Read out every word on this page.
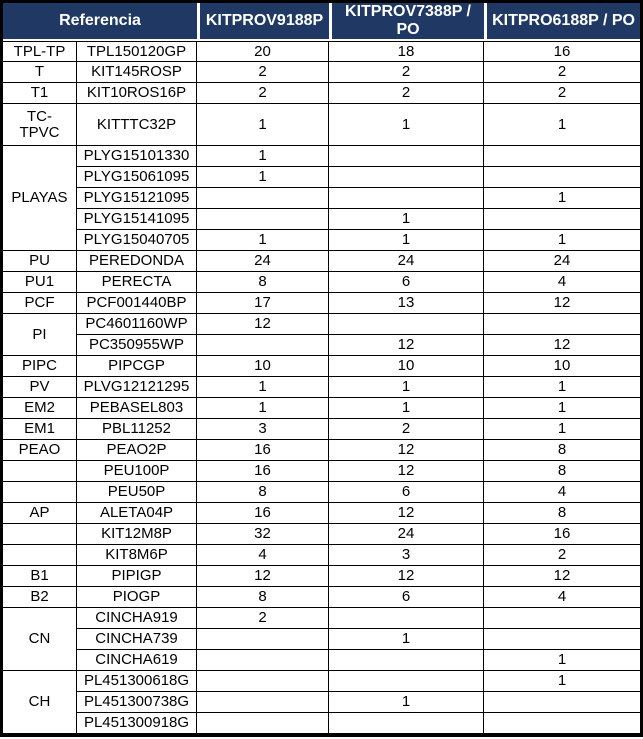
Referencia		KITPROV9188P	KITPROV7388P / PO	KITPRO6188P / PO
TPL-TP	TPL150120GP	20	18	16
T	KIT145ROSP	2	2	2
T1	KIT10ROS16P	2	2	2
TC-TPVC	KITTTC32P	1	1	1
PLAYAS	PLYG15101330	1		
	PLYG15061095	1		
	PLYG15121095			1
	PLYG15141095		1	
	PLYG15040705	1	1	1
PU	PEREDONDA	24	24	24
PU1	PERECTA	8	6	4
PCF	PCF001440BP	17	13	12
PI	PC4601160WP	12		
	PC350955WP		12	12
PIPC	PIPCGP	10	10	10
PV	PLVG12121295	1	1	1
EM2	PEBASEL803	1	1	1
EM1	PBL11252	3	2	1
PEAO	PEAO2P	16	12	8
	PEU100P	16	12	8
	PEU50P	8	6	4
AP	ALETA04P	16	12	8
	KIT12M8P	32	24	16
	KIT8M6P	4	3	2
B1	PIPIGP	12	12	12
B2	PIOGP	8	6	4
CN	CINCHA919	2		
	CINCHA739		1	
	CINCHA619			1
CH	PL451300618G			1
	PL451300738G		1	
	PL451300918G			
